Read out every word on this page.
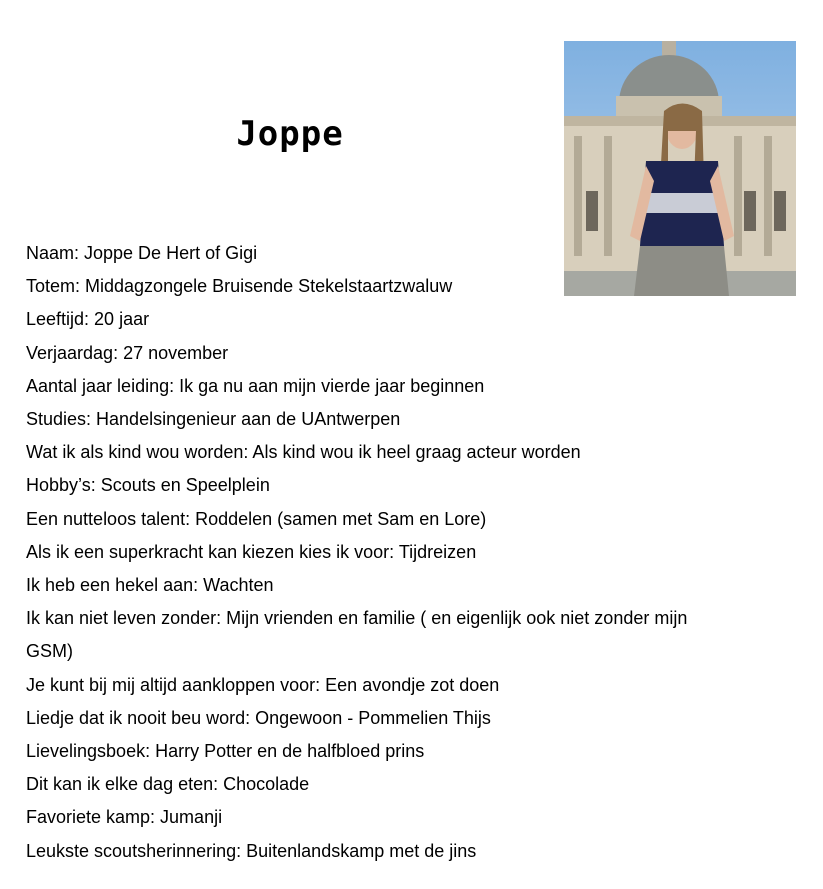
Joppe
Naam: Joppe De Hert of Gigi
Totem: Middagzongele Bruisende Stekelstaartzwaluw
Leeftijd: 20 jaar
Verjaardag: 27 november
Aantal jaar leiding: Ik ga nu aan mijn vierde jaar beginnen
Studies: Handelsingenieur aan de UAntwerpen
Wat ik als kind wou worden: Als kind wou ik heel graag acteur worden
Hobby’s: Scouts en Speelplein
Een nutteloos talent: Roddelen (samen met Sam en Lore)
Als ik een superkracht kan kiezen kies ik voor: Tijdreizen
Ik heb een hekel aan: Wachten
Ik kan niet leven zonder: Mijn vrienden en familie ( en eigenlijk ook niet zonder mijn
GSM)
Je kunt bij mij altijd aankloppen voor: Een avondje zot doen
Liedje dat ik nooit beu word: Ongewoon - Pommelien Thijs
Lievelingsboek: Harry Potter en de halfbloed prins
Dit kan ik elke dag eten: Chocolade
Favoriete kamp: Jumanji
Leukste scoutsherinnering: Buitenlandskamp met de jins
